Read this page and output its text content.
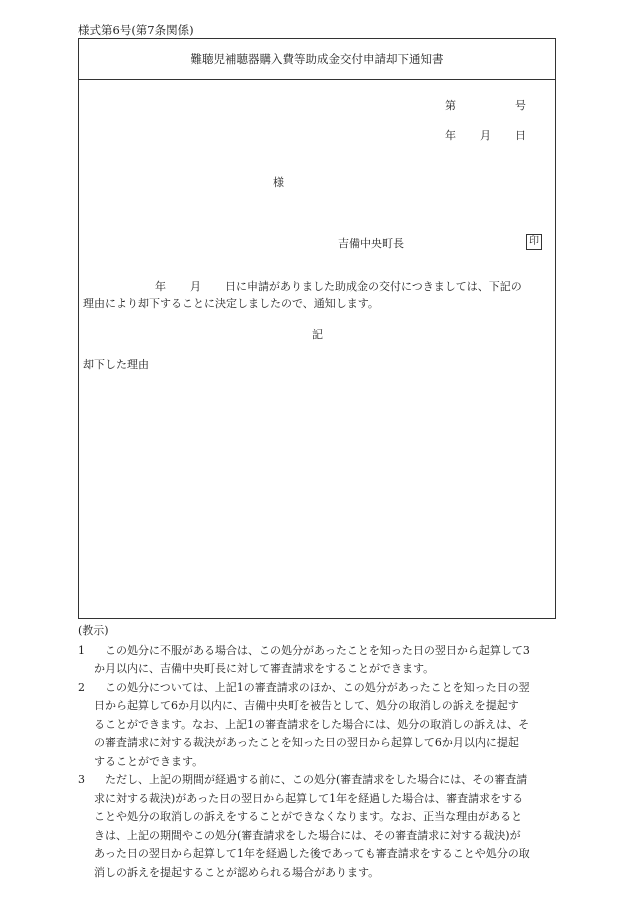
様式第6号(第7条関係)
難聴児補聴器購入費等助成金交付申請却下通知書
第	号
年 月 日
様
吉備中央町長	印
年 月 日に申請がありました助成金の交付につきましては、下記の
理由により却下することに決定しましたので、通知します。
記
却下した理由
(教示)
1	この処分に不服がある場合は、この処分があったことを知った日の翌日から起算して3
か月以内に、吉備中央町長に対して審査請求をすることができます。
2	この処分については、上記1の審査請求のほか、この処分があったことを知った日の翌
日から起算して6か月以内に、吉備中央町を被告として、処分の取消しの訴えを提起す
ることができます。なお、上記1の審査請求をした場合には、処分の取消しの訴えは、そ
の審査請求に対する裁決があったことを知った日の翌日から起算して6か月以内に提起
することができます。
3	ただし、上記の期間が経過する前に、この処分(審査請求をした場合には、その審査請
求に対する裁決)があった日の翌日から起算して1年を経過した場合は、審査請求をする
ことや処分の取消しの訴えをすることができなくなります。なお、正当な理由があると
きは、上記の期間やこの処分(審査請求をした場合には、その審査請求に対する裁決)が
あった日の翌日から起算して1年を経過した後であっても審査請求をすることや処分の取
消しの訴えを提起することが認められる場合があります。
